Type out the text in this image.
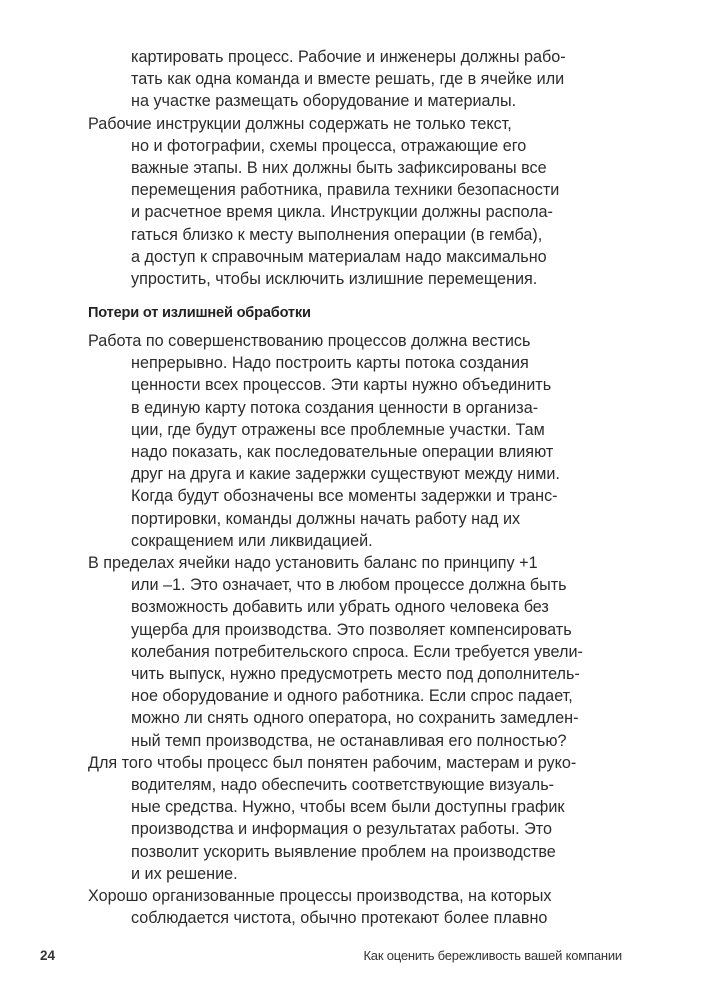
картировать процесс. Рабочие и инженеры должны рабо-
тать как одна команда и вместе решать, где в ячейке или
на участке размещать оборудование и материалы.
Рабочие инструкции должны содержать не только текст,
но и фотографии, схемы процесса, отражающие его
важные этапы. В них должны быть зафиксированы все
перемещения работника, правила техники безопасности
и расчетное время цикла. Инструкции должны распола-
гаться близко к месту выполнения операции (в гемба),
а доступ к справочным материалам надо максимально
упростить, чтобы исключить излишние перемещения.
Потери от излишней обработки
Работа по совершенствованию процессов должна вестись
непрерывно. Надо построить карты потока создания
ценности всех процессов. Эти карты нужно объединить
в единую карту потока создания ценности в организа-
ции, где будут отражены все проблемные участки. Там
надо показать, как последовательные операции влияют
друг на друга и какие задержки существуют между ними.
Когда будут обозначены все моменты задержки и транс-
портировки, команды должны начать работу над их
сокращением или ликвидацией.
В пределах ячейки надо установить баланс по принципу +1
или –1. Это означает, что в любом процессе должна быть
возможность добавить или убрать одного человека без
ущерба для производства. Это позволяет компенсировать
колебания потребительского спроса. Если требуется увели-
чить выпуск, нужно предусмотреть место под дополнитель-
ное оборудование и одного работника. Если спрос падает,
можно ли снять одного оператора, но сохранить замедлен-
ный темп производства, не останавливая его полностью?
Для того чтобы процесс был понятен рабочим, мастерам и руко-
водителям, надо обеспечить соответствующие визуаль-
ные средства. Нужно, чтобы всем были доступны график
производства и информация о результатах работы. Это
позволит ускорить выявление проблем на производстве
и их решение.
Хорошо организованные процессы производства, на которых
соблюдается чистота, обычно протекают более плавно
24	Как оценить бережливость вашей компании
